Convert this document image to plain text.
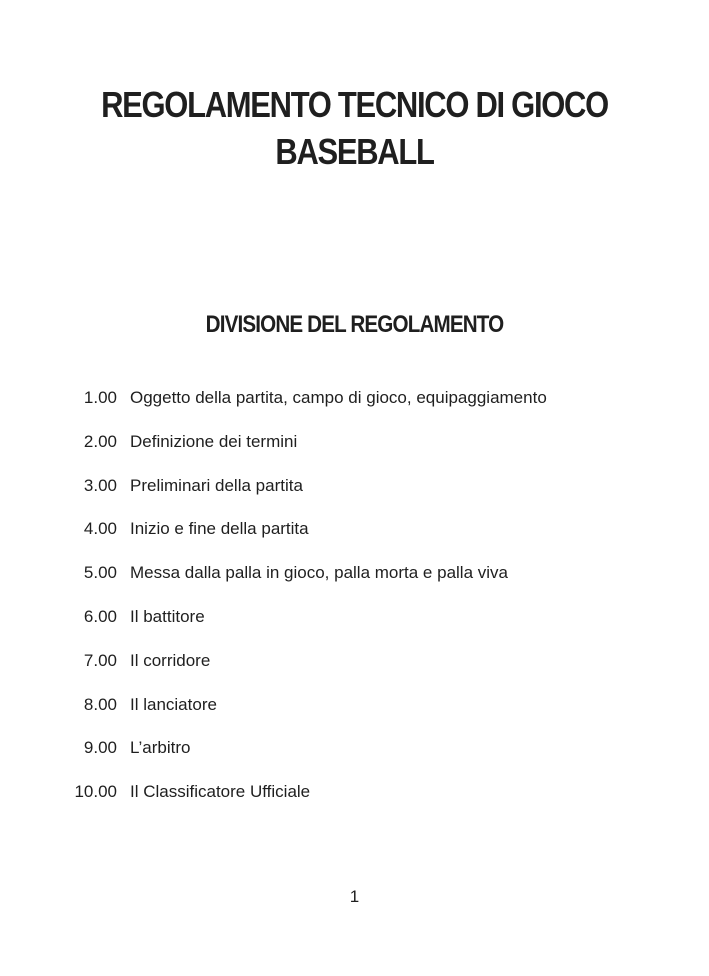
REGOLAMENTO TECNICO DI GIOCO
BASEBALL
DIVISIONE DEL REGOLAMENTO
1.00 Oggetto della partita, campo di gioco, equipaggiamento
2.00 Definizione dei termini
3.00 Preliminari della partita
4.00 Inizio e fine della partita
5.00 Messa dalla palla in gioco, palla morta e palla viva
6.00 Il battitore
7.00 Il corridore
8.00 Il lanciatore
9.00 L’arbitro
10.00 Il Classificatore Ufficiale
1
